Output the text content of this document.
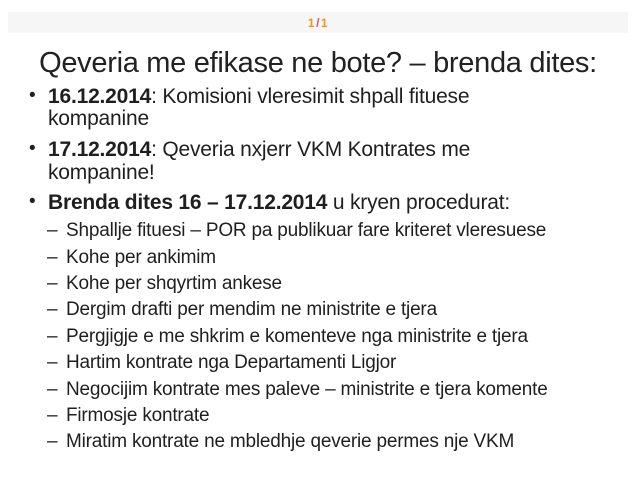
1/1
Qeveria me efikase ne bote? – brenda dites:
• 16.12.2014: Komisioni vleresimit shpall fituese kompanine
• 17.12.2014: Qeveria nxjerr VKM Kontrates me kompanine!
• Brenda dites 16 – 17.12.2014 u kryen procedurat:
– Shpallje fituesi – POR pa publikuar fare kriteret vleresuese
– Kohe per ankimim
– Kohe per shqyrtim ankese
– Dergim drafti per mendim ne ministrite e tjera
– Pergjigje e me shkrim e komenteve nga ministrite e tjera
– Hartim kontrate nga Departamenti Ligjor
– Negocijim kontrate mes paleve – ministrite e tjera komente
– Firmosje kontrate
– Miratim kontrate ne mbledhje qeverie permes nje VKM
